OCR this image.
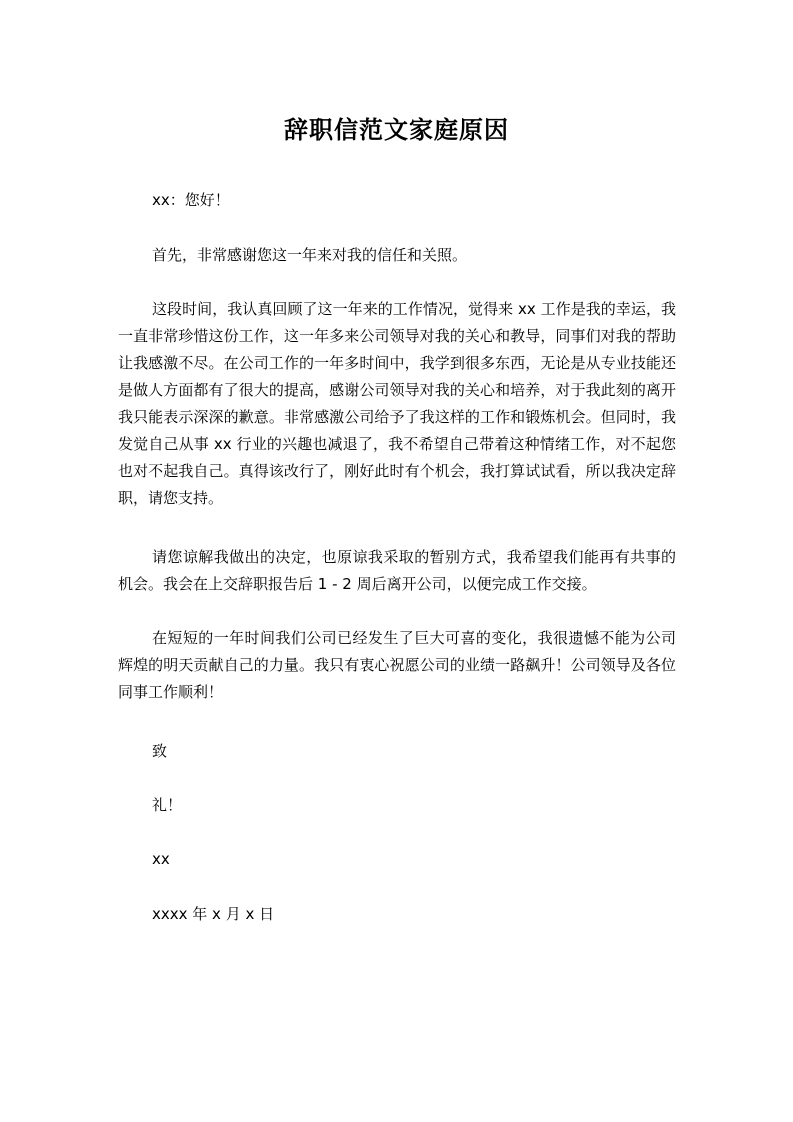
辞职信范文家庭原因

xx：您好！

首先，非常感谢您这一年来对我的信任和关照。

这段时间，我认真回顾了这一年来的工作情况，觉得来 xx 工作是我的幸运，我一直非常珍惜这份工作，这一年多来公司领导对我的关心和教导，同事们对我的帮助让我感激不尽。在公司工作的一年多时间中，我学到很多东西，无论是从专业技能还是做人方面都有了很大的提高，感谢公司领导对我的关心和培养，对于我此刻的离开我只能表示深深的歉意。非常感激公司给予了我这样的工作和锻炼机会。但同时，我发觉自己从事 xx 行业的兴趣也减退了，我不希望自己带着这种情绪工作，对不起您也对不起我自己。真得该改行了，刚好此时有个机会，我打算试试看，所以我决定辞职，请您支持。

请您谅解我做出的决定，也原谅我采取的暂别方式，我希望我们能再有共事的机会。我会在上交辞职报告后 1 - 2 周后离开公司，以便完成工作交接。

在短短的一年时间我们公司已经发生了巨大可喜的变化，我很遗憾不能为公司辉煌的明天贡献自己的力量。我只有衷心祝愿公司的业绩一路飙升！公司领导及各位同事工作顺利！

致

礼！

xx

xxxx 年 x 月 x 日
